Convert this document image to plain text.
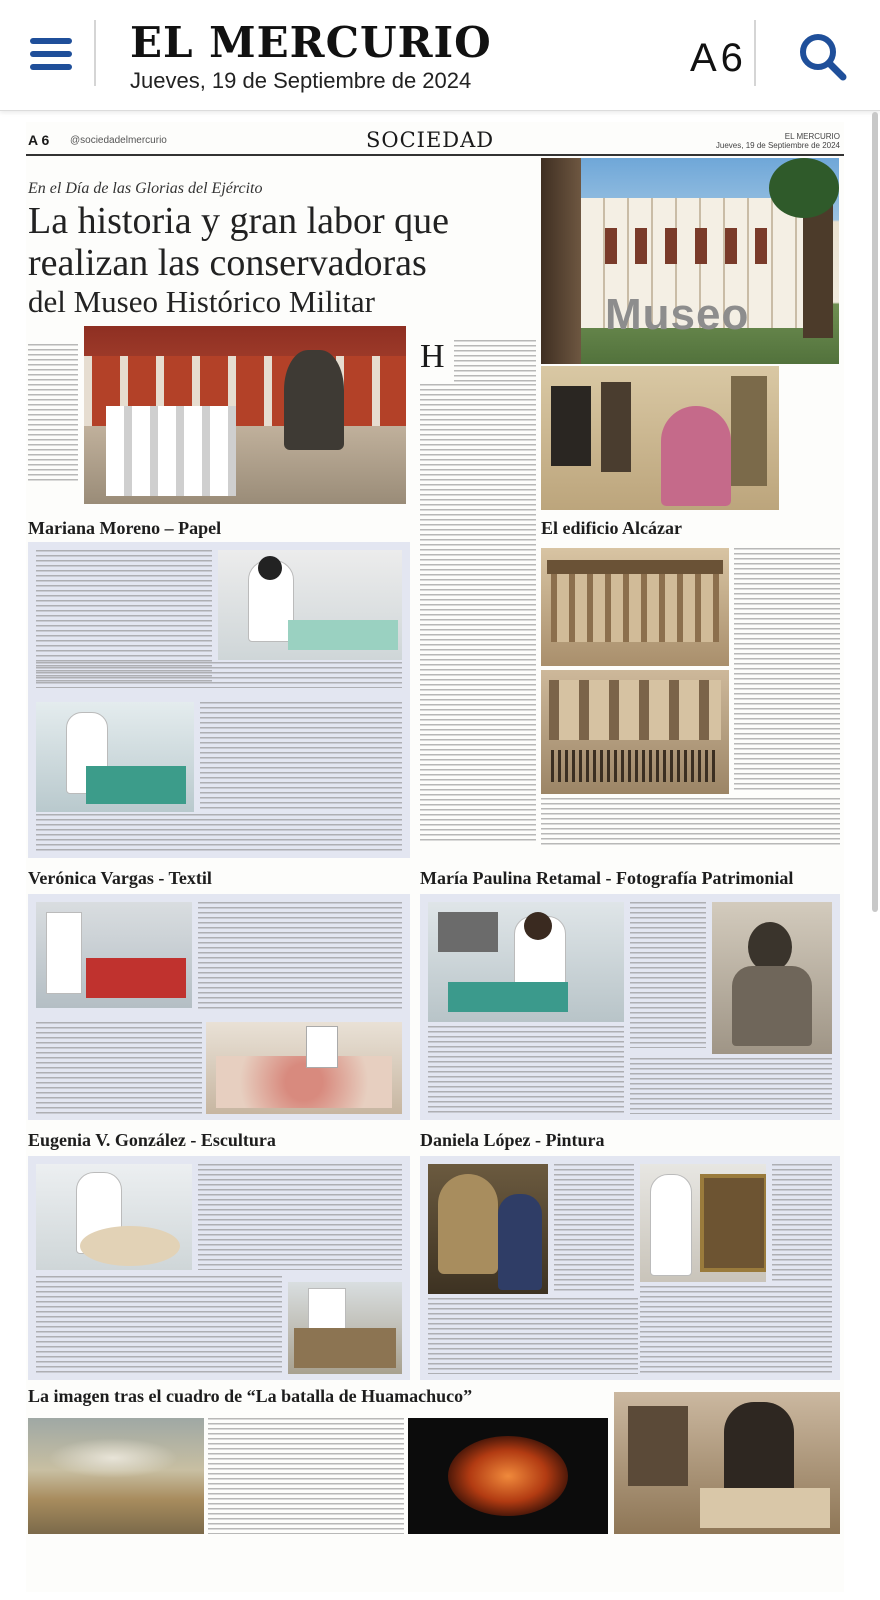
EL MERCURIO
Jueves, 19 de Septiembre de 2024
A6
A 6 @sociedadelmercurio	SOCIEDAD	EL MERCURIO
Jueves, 19 de Septiembre de 2024
En el Día de las Glorias del Ejército
La historia y gran labor que
realizan las conservadoras
del Museo Histórico Militar	Museo
H
Mariana Moreno – Papel	El edificio Alcázar
Verónica Vargas - Textil	María Paulina Retamal - Fotografía Patrimonial
Eugenia V. González - Escultura	Daniela López - Pintura
La imagen tras el cuadro de “La batalla de Huamachuco”
